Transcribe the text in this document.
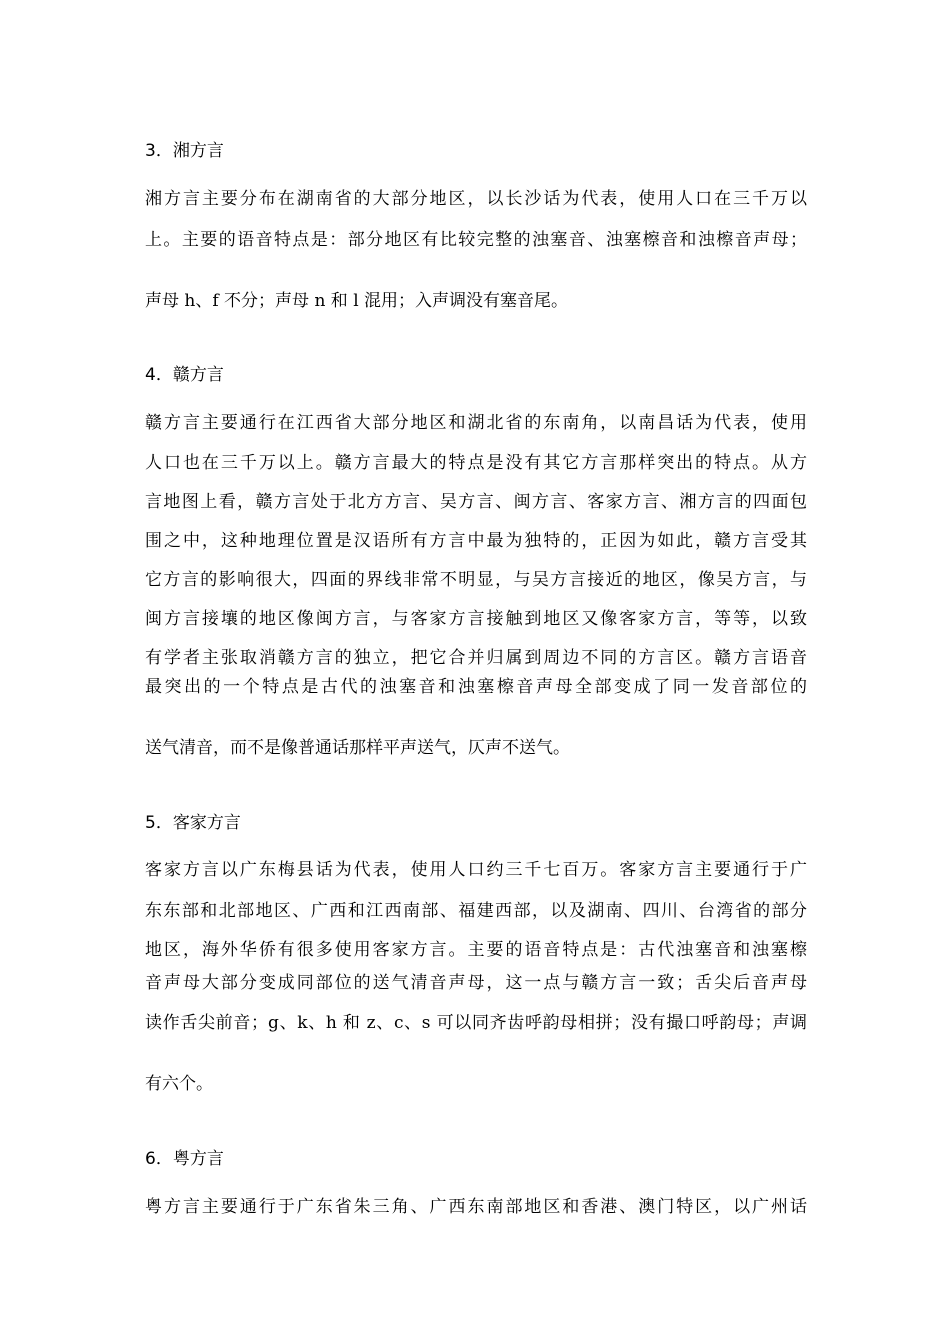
3．湘方言
湘方言主要分布在湖南省的大部分地区，以长沙话为代表，使用人口在三千万以
上。主要的语音特点是：部分地区有比较完整的浊塞音、浊塞檫音和浊檫音声母；
声母 h、f 不分；声母 n 和 l 混用；入声调没有塞音尾。
4．赣方言
赣方言主要通行在江西省大部分地区和湖北省的东南角，以南昌话为代表，使用
人口也在三千万以上。赣方言最大的特点是没有其它方言那样突出的特点。从方
言地图上看，赣方言处于北方方言、吴方言、闽方言、客家方言、湘方言的四面包
围之中，这种地理位置是汉语所有方言中最为独特的，正因为如此，赣方言受其
它方言的影响很大，四面的界线非常不明显，与吴方言接近的地区，像吴方言，与
闽方言接壤的地区像闽方言，与客家方言接触到地区又像客家方言，等等，以致
有学者主张取消赣方言的独立，把它合并归属到周边不同的方言区。赣方言语音
最突出的一个特点是古代的浊塞音和浊塞檫音声母全部变成了同一发音部位的
送气清音，而不是像普通话那样平声送气，仄声不送气。
5．客家方言
客家方言以广东梅县话为代表，使用人口约三千七百万。客家方言主要通行于广
东东部和北部地区、广西和江西南部、福建西部，以及湖南、四川、台湾省的部分
地区，海外华侨有很多使用客家方言。主要的语音特点是：古代浊塞音和浊塞檫
音声母大部分变成同部位的送气清音声母，这一点与赣方言一致；舌尖后音声母
读作舌尖前音；g、k、h 和 z、c、s 可以同齐齿呼韵母相拼；没有撮口呼韵母；声调
有六个。
6．粤方言
粤方言主要通行于广东省朱三角、广西东南部地区和香港、澳门特区，以广州话
